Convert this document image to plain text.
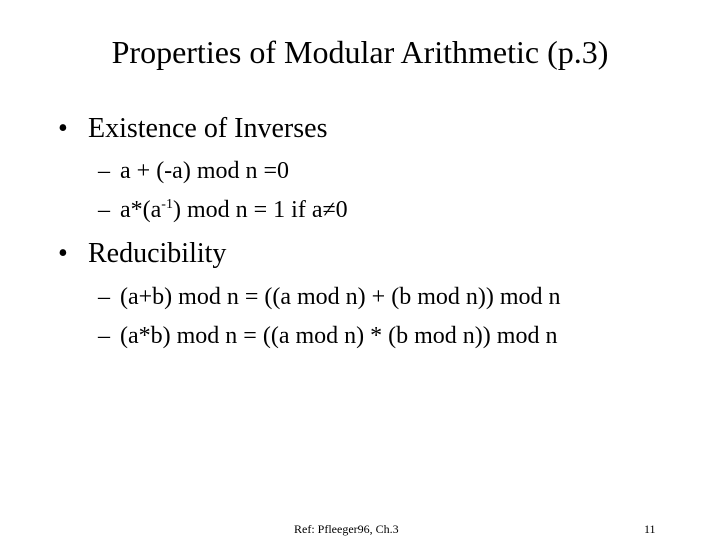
Properties of Modular Arithmetic (p.3)
• Existence of Inverses
– a + (-a) mod n =0
– $a*(a^{-1})$ mod n = 1 if a≠0
• Reducibility
– (a+b) mod n = ((a mod n) + (b mod n)) mod n
– (a*b) mod n = ((a mod n) * (b mod n)) mod n
Ref: Pfleeger96, Ch.3	11
